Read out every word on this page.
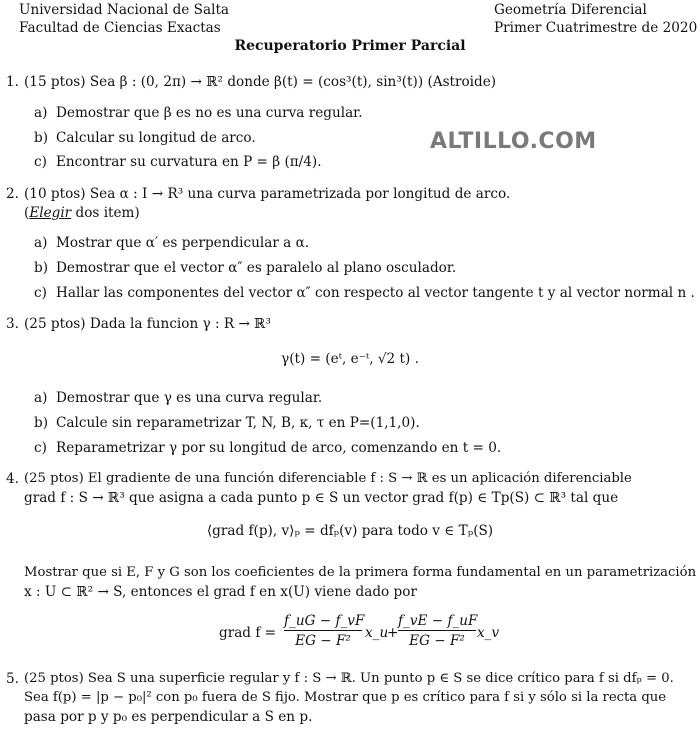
Universidad Nacional de Salta
Facultad de Ciencias Exactas
Geometría Diferencial
Primer Cuatrimestre de 2020
Recuperatorio Primer Parcial
ALTILLO.COM
1. (15 ptos) Sea β : (0, 2π) → ℝ² donde β(t) = (cos³(t), sin³(t)) (Astroide)
a) Demostrar que β es no es una curva regular.
b) Calcular su longitud de arco.
c) Encontrar su curvatura en P = β (π/4).
2. (10 ptos) Sea α : I → R³ una curva parametrizada por longitud de arco.
(Elegir dos item)
a) Mostrar que α′ es perpendicular a α.
b) Demostrar que el vector α″ es paralelo al plano osculador.
c) Hallar las componentes del vector α″ con respecto al vector tangente t y al vector normal n .
3. (25 ptos) Dada la funcion γ : R → ℝ³
γ(t) = (eᵗ, e⁻ᵗ, √2 t) .
a) Demostrar que γ es una curva regular.
b) Calcule sin reparametrizar T, N, B, κ, τ en P=(1,1,0).
c) Reparametrizar γ por su longitud de arco, comenzando en t = 0.
4. (25 ptos) El gradiente de una función diferenciable f : S → ℝ es un aplicación diferenciable
grad f : S → ℝ³ que asigna a cada punto p ∈ S un vector grad f(p) ∈ Tp(S) ⊂ ℝ³ tal que
⟨grad f(p), v⟩ₚ = dfₚ(v) para todo v ∈ Tₚ(S)
Mostrar que si E, F y G son los coeficientes de la primera forma fundamental en un parametrización
x : U ⊂ ℝ² → S, entonces el grad f en x(U) viene dado por
grad f =
f_uG − f_vF
EG − F²	x_u
+
f_vE − f_uF
EG − F² x_v
5. (25 ptos) Sea S una superficie regular y f : S → ℝ. Un punto p ∈ S se dice crítico para f si dfₚ = 0.
Sea f(p) = |p − p₀|² con p₀ fuera de S fijo. Mostrar que p es crítico para f si y sólo si la recta que
pasa por p y p₀ es perpendicular a S en p.
